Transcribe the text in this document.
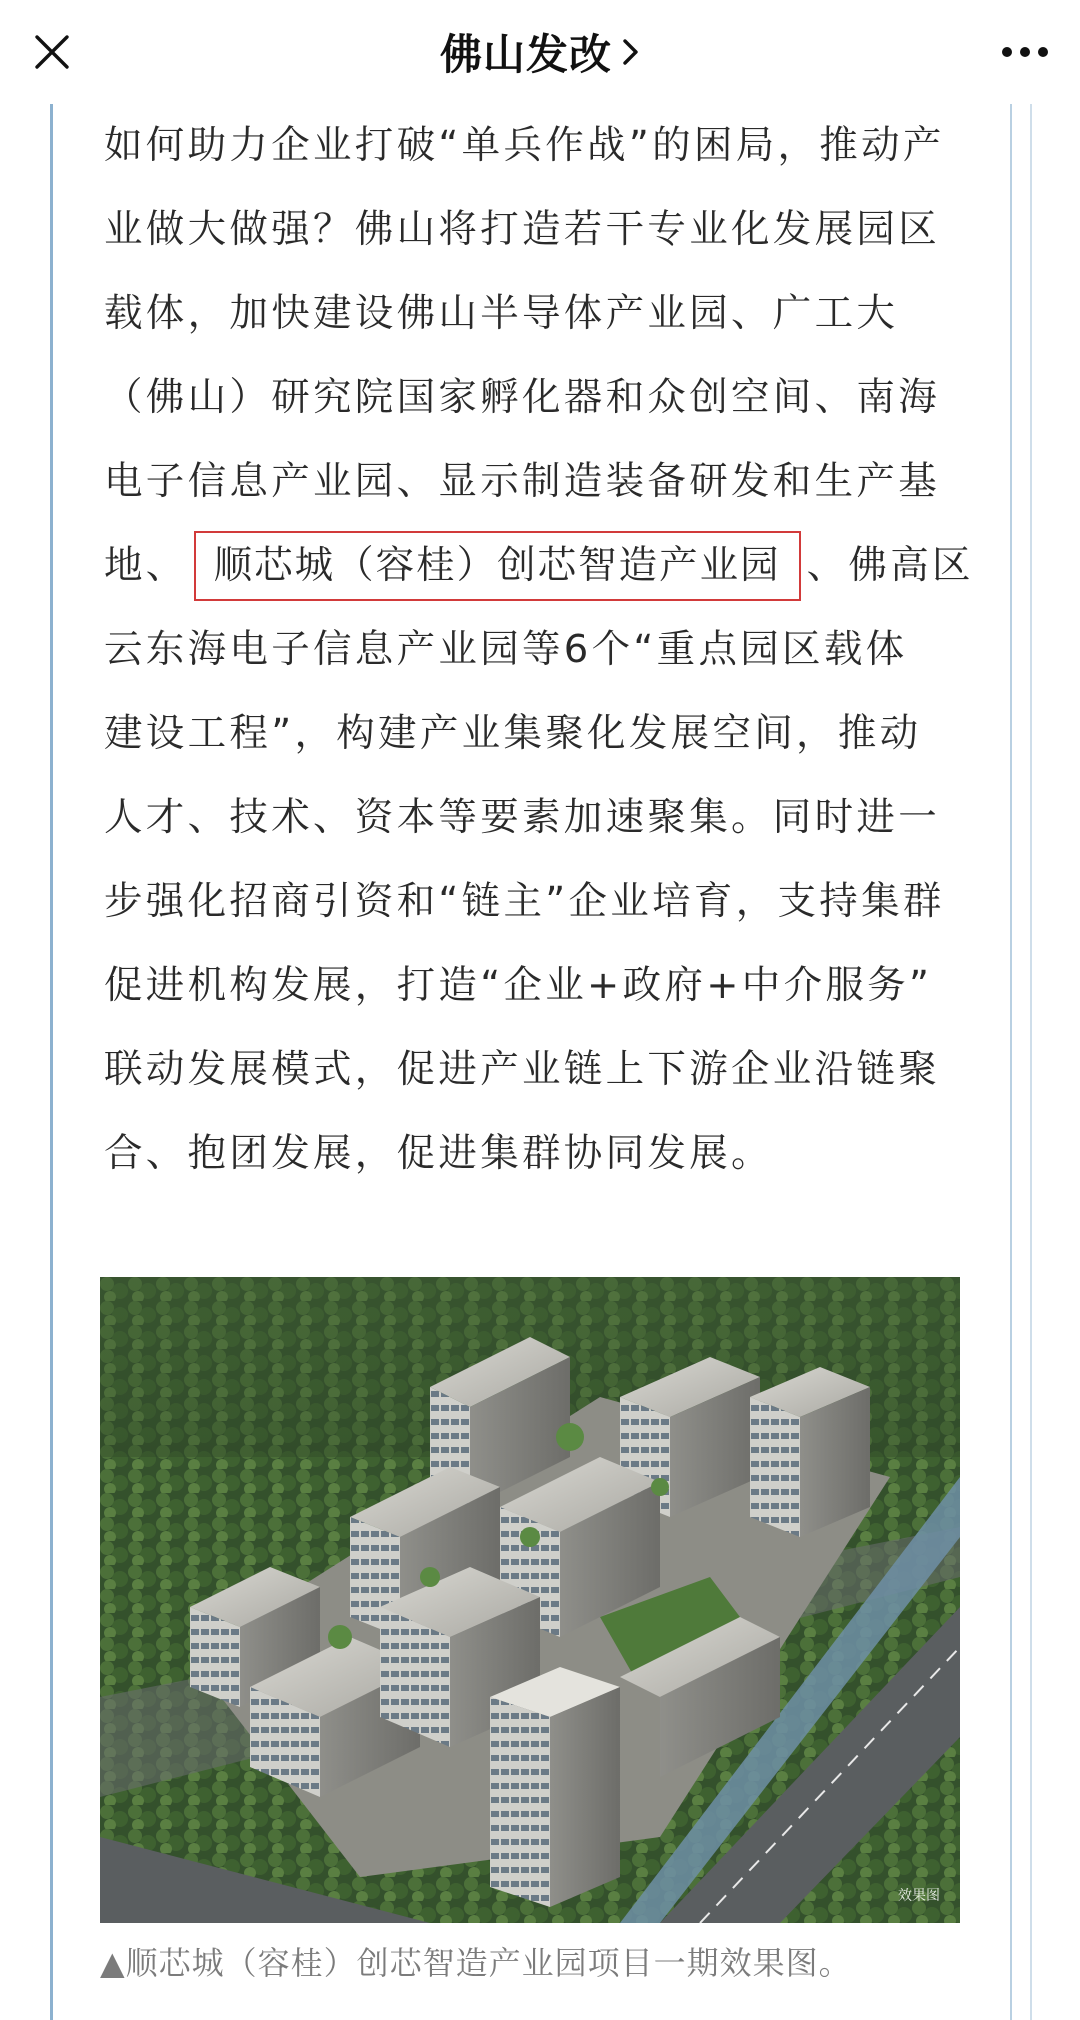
佛山发改
如何助力企业打破“单兵作战”的困局，推动产
业做大做强？佛山将打造若干专业化发展园区
载体，加快建设佛山半导体产业园、广工大
（佛山）研究院国家孵化器和众创空间、南海
电子信息产业园、显示制造装备研发和生产基
地、 顺芯城（容桂）创芯智造产业园 、佛高区
云东海电子信息产业园等6个“重点园区载体
建设工程”，构建产业集聚化发展空间，推动
人才、技术、资本等要素加速聚集。同时进一
步强化招商引资和“链主”企业培育，支持集群
促进机构发展，打造“企业+政府+中介服务”
联动发展模式，促进产业链上下游企业沿链聚
合、抱团发展，促进集群协同发展。
效果图
▲顺芯城（容桂）创芯智造产业园项目一期效果图。
